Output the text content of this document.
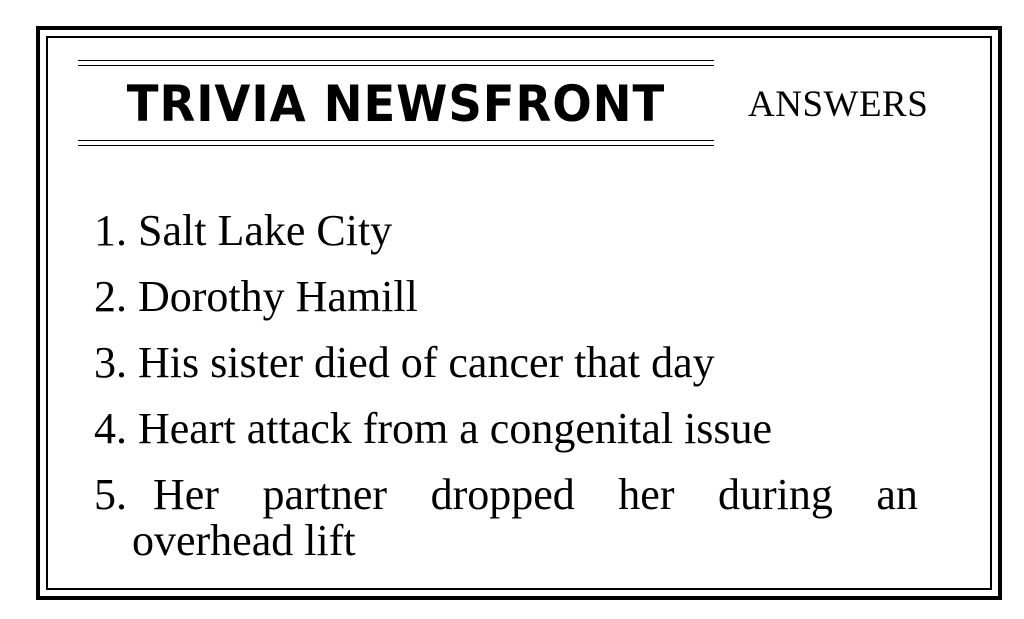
TRIVIA NEWSFRONT	ANSWERS
1. Salt Lake City
2. Dorothy Hamill
3. His sister died of cancer that day
4. Heart attack from a congenital issue
5. Her partner dropped her during an
overhead lift
